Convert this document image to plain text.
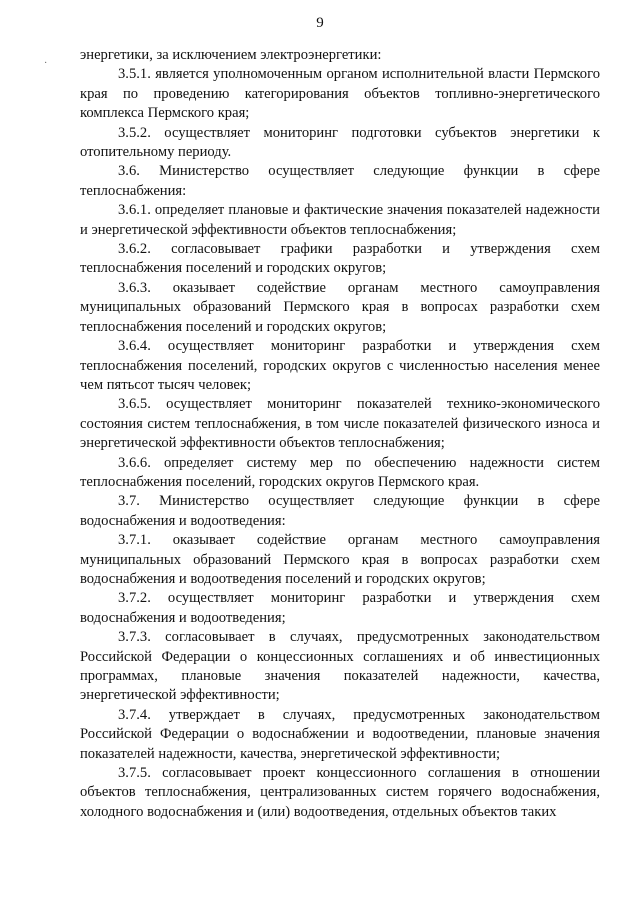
9
·

энергетики, за исключением электроэнергетики:

3.5.1. является уполномоченным органом исполнительной власти Пермского края по проведению категорирования объектов топливно-энергетического комплекса Пермского края;

3.5.2. осуществляет мониторинг подготовки субъектов энергетики к отопительному периоду.

3.6. Министерство осуществляет следующие функции в сфере теплоснабжения:

3.6.1. определяет плановые и фактические значения показателей надежности и энергетической эффективности объектов теплоснабжения;

3.6.2. согласовывает графики разработки и утверждения схем теплоснабжения поселений и городских округов;

3.6.3. оказывает содействие органам местного самоуправления муниципальных образований Пермского края в вопросах разработки схем теплоснабжения поселений и городских округов;

3.6.4. осуществляет мониторинг разработки и утверждения схем теплоснабжения поселений, городских округов с численностью населения менее чем пятьсот тысяч человек;

3.6.5. осуществляет мониторинг показателей технико-экономического состояния систем теплоснабжения, в том числе показателей физического износа и энергетической эффективности объектов теплоснабжения;

3.6.6. определяет систему мер по обеспечению надежности систем теплоснабжения поселений, городских округов Пермского края.

3.7. Министерство осуществляет следующие функции в сфере водоснабжения и водоотведения:

3.7.1. оказывает содействие органам местного самоуправления муниципальных образований Пермского края в вопросах разработки схем водоснабжения и водоотведения поселений и городских округов;

3.7.2. осуществляет мониторинг разработки и утверждения схем водоснабжения и водоотведения;

3.7.3. согласовывает в случаях, предусмотренных законодательством Российской Федерации о концессионных соглашениях и об инвестиционных программах, плановые значения показателей надежности, качества, энергетической эффективности;

3.7.4. утверждает в случаях, предусмотренных законодательством Российской Федерации о водоснабжении и водоотведении, плановые значения показателей надежности, качества, энергетической эффективности;

3.7.5. согласовывает проект концессионного соглашения в отношении объектов теплоснабжения, централизованных систем горячего водоснабжения, холодного водоснабжения и (или) водоотведения, отдельных объектов таких
